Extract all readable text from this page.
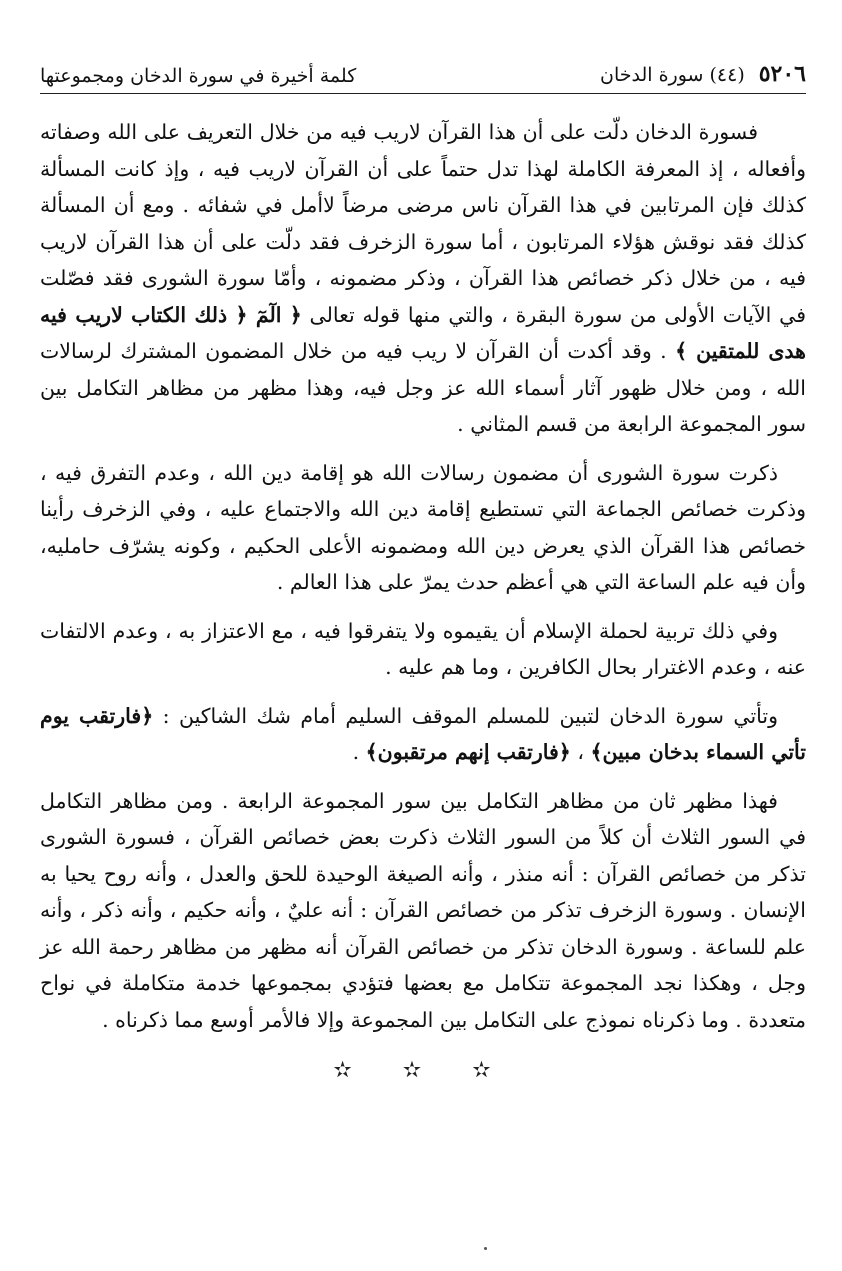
٥٢٠٦
(٤٤) سورة الدخان
كلمة أخيرة في سورة الدخان ومجموعتها

فسورة الدخان دلّت على أن هذا القرآن لاريب فيه من خلال التعريف على الله وصفاته وأفعاله ، إذ المعرفة الكاملة لهذا تدل حتماً على أن القرآن لاريب فيه ، وإذ كانت المسألة كذلك فإن المرتابين في هذا القرآن ناس مرضى مرضاً لاأمل في شفائه . ومع أن المسألة كذلك فقد نوقش هؤلاء المرتابون ، أما سورة الزخرف فقد دلّت على أن هذا القرآن لاريب فيه ، من خلال ذكر خصائص هذا القرآن ، وذكر مضمونه ، وأمّا سورة الشورى فقد فصّلت في الآيات الأولى من سورة البقرة ، والتي منها قوله تعالى ﴿ الٓمٓ ﴿ ذلك الكتاب لاريب فيه هدى للمتقين ﴾ . وقد أكدت أن القرآن لا ريب فيه من خلال المضمون المشترك لرسالات الله ، ومن خلال ظهور آثار أسماء الله عز وجل فيه، وهذا مظهر من مظاهر التكامل بين سور المجموعة الرابعة من قسم المثاني .

ذكرت سورة الشورى أن مضمون رسالات الله هو إقامة دين الله ، وعدم التفرق فيه ، وذكرت خصائص الجماعة التي تستطيع إقامة دين الله والاجتماع عليه ، وفي الزخرف رأينا خصائص هذا القرآن الذي يعرض دين الله ومضمونه الأعلى الحكيم ، وكونه يشرّف حامليه، وأن فيه علم الساعة التي هي أعظم حدث يمرّ على هذا العالم .

وفي ذلك تربية لحملة الإسلام أن يقيموه ولا يتفرقوا فيه ، مع الاعتزاز به ، وعدم الالتفات عنه ، وعدم الاغترار بحال الكافرين ، وما هم عليه .

وتأتي سورة الدخان لتبين للمسلم الموقف السليم أمام شك الشاكين : ﴿فارتقب يوم تأتي السماء بدخان مبين﴾ ، ﴿فارتقب إنهم مرتقبون﴾ .

فهذا مظهر ثان من مظاهر التكامل بين سور المجموعة الرابعة . ومن مظاهر التكامل في السور الثلاث أن كلاً من السور الثلاث ذكرت بعض خصائص القرآن ، فسورة الشورى تذكر من خصائص القرآن : أنه منذر ، وأنه الصيغة الوحيدة للحق والعدل ، وأنه روح يحيا به الإنسان . وسورة الزخرف تذكر من خصائص القرآن : أنه عليٌ ، وأنه حكيم ، وأنه ذكر ، وأنه علم للساعة . وسورة الدخان تذكر من خصائص القرآن أنه مظهر من مظاهر رحمة الله عز وجل ، وهكذا نجد المجموعة تتكامل مع بعضها فتؤدي بمجموعها خدمة متكاملة في نواح متعددة . وما ذكرناه نموذج على التكامل بين المجموعة وإلا فالأمر أوسع مما ذكرناه .

✫ ✫ ✫
